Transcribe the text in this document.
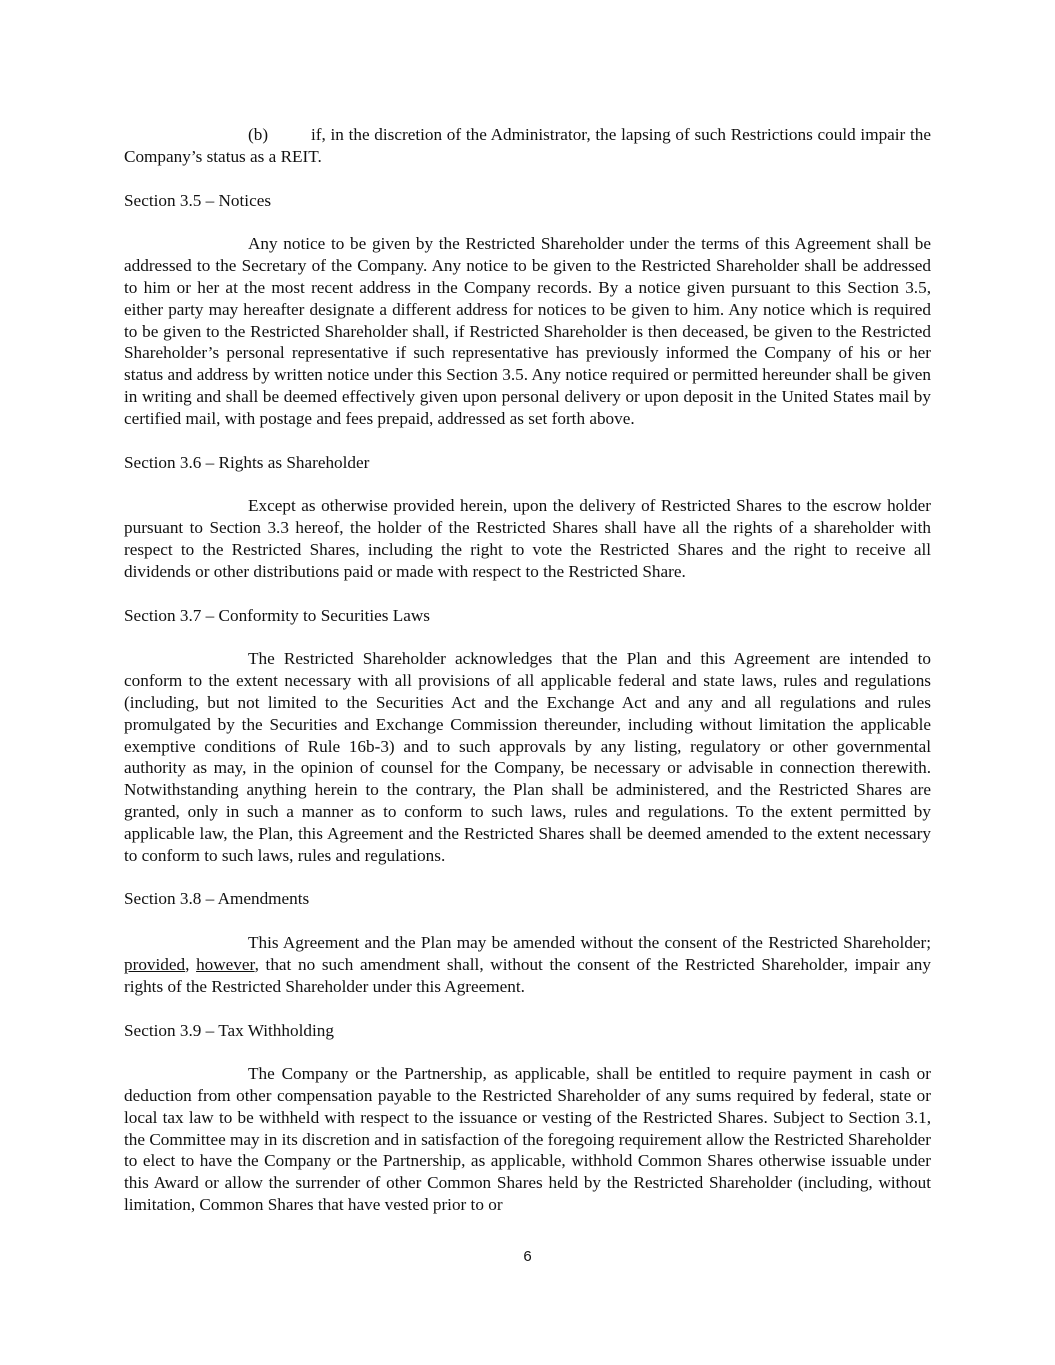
(b) if, in the discretion of the Administrator, the lapsing of such Restrictions could impair the Company’s status as a REIT.

Section 3.5 – Notices

Any notice to be given by the Restricted Shareholder under the terms of this Agreement shall be addressed to the Secretary of the Company. Any notice to be given to the Restricted Shareholder shall be addressed to him or her at the most recent address in the Company records. By a notice given pursuant to this Section 3.5, either party may hereafter designate a different address for notices to be given to him. Any notice which is required to be given to the Restricted Shareholder shall, if Restricted Shareholder is then deceased, be given to the Restricted Shareholder’s personal representative if such representative has previously informed the Company of his or her status and address by written notice under this Section 3.5. Any notice required or permitted hereunder shall be given in writing and shall be deemed effectively given upon personal delivery or upon deposit in the United States mail by certified mail, with postage and fees prepaid, addressed as set forth above.

Section 3.6 – Rights as Shareholder

Except as otherwise provided herein, upon the delivery of Restricted Shares to the escrow holder pursuant to Section 3.3 hereof, the holder of the Restricted Shares shall have all the rights of a shareholder with respect to the Restricted Shares, including the right to vote the Restricted Shares and the right to receive all dividends or other distributions paid or made with respect to the Restricted Share.

Section 3.7 – Conformity to Securities Laws

The Restricted Shareholder acknowledges that the Plan and this Agreement are intended to conform to the extent necessary with all provisions of all applicable federal and state laws, rules and regulations (including, but not limited to the Securities Act and the Exchange Act and any and all regulations and rules promulgated by the Securities and Exchange Commission thereunder, including without limitation the applicable exemptive conditions of Rule 16b-3) and to such approvals by any listing, regulatory or other governmental authority as may, in the opinion of counsel for the Company, be necessary or advisable in connection therewith. Notwithstanding anything herein to the contrary, the Plan shall be administered, and the Restricted Shares are granted, only in such a manner as to conform to such laws, rules and regulations. To the extent permitted by applicable law, the Plan, this Agreement and the Restricted Shares shall be deemed amended to the extent necessary to conform to such laws, rules and regulations.

Section 3.8 – Amendments

This Agreement and the Plan may be amended without the consent of the Restricted Shareholder; provided, however, that no such amendment shall, without the consent of the Restricted Shareholder, impair any rights of the Restricted Shareholder under this Agreement.

Section 3.9 – Tax Withholding

The Company or the Partnership, as applicable, shall be entitled to require payment in cash or deduction from other compensation payable to the Restricted Shareholder of any sums required by federal, state or local tax law to be withheld with respect to the issuance or vesting of the Restricted Shares. Subject to Section 3.1, the Committee may in its discretion and in satisfaction of the foregoing requirement allow the Restricted Shareholder to elect to have the Company or the Partnership, as applicable, withhold Common Shares otherwise issuable under this Award or allow the surrender of other Common Shares held by the Restricted Shareholder (including, without limitation, Common Shares that have vested prior to or

6
